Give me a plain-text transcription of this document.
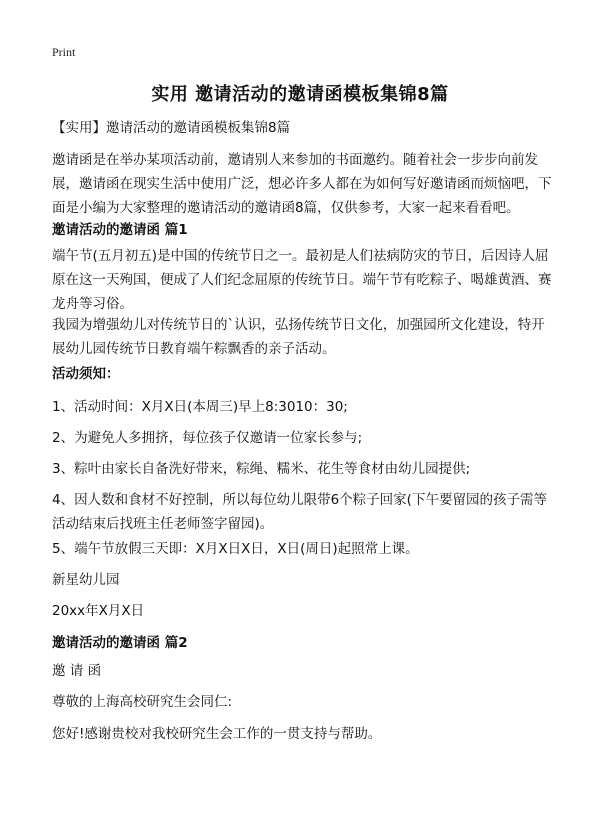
Print
实用 邀请活动的邀请函模板集锦8篇
【实用】邀请活动的邀请函模板集锦8篇

邀请函是在举办某项活动前，邀请别人来参加的书面邀约。随着社会一步步向前发展，邀请函在现实生活中使用广泛，想必许多人都在为如何写好邀请函而烦恼吧，下面是小编为大家整理的邀请活动的邀请函8篇，仅供参考，大家一起来看看吧。

邀请活动的邀请函 篇1

端午节(五月初五)是中国的传统节日之一。最初是人们祛病防灾的节日，后因诗人屈原在这一天殉国，便成了人们纪念屈原的传统节日。端午节有吃粽子、喝雄黄酒、赛龙舟等习俗。

我园为增强幼儿对传统节日的`认识，弘扬传统节日文化，加强园所文化建设，特开展幼儿园传统节日教育端午粽飘香的亲子活动。

活动须知：
1、活动时间：X月X日(本周三)早上8:3010：30;
2、为避免人多拥挤，每位孩子仅邀请一位家长参与;
3、粽叶由家长自备洗好带来，粽绳、糯米、花生等食材由幼儿园提供;
4、因人数和食材不好控制，所以每位幼儿限带6个粽子回家(下午要留园的孩子需等活动结束后找班主任老师签字留园)。
5、端午节放假三天即：X月X日X日，X日(周日)起照常上课。
新星幼儿园
20xx年X月X日
邀请活动的邀请函 篇2
邀 请 函
尊敬的上海高校研究生会同仁:
您好!感谢贵校对我校研究生会工作的一贯支持与帮助。
